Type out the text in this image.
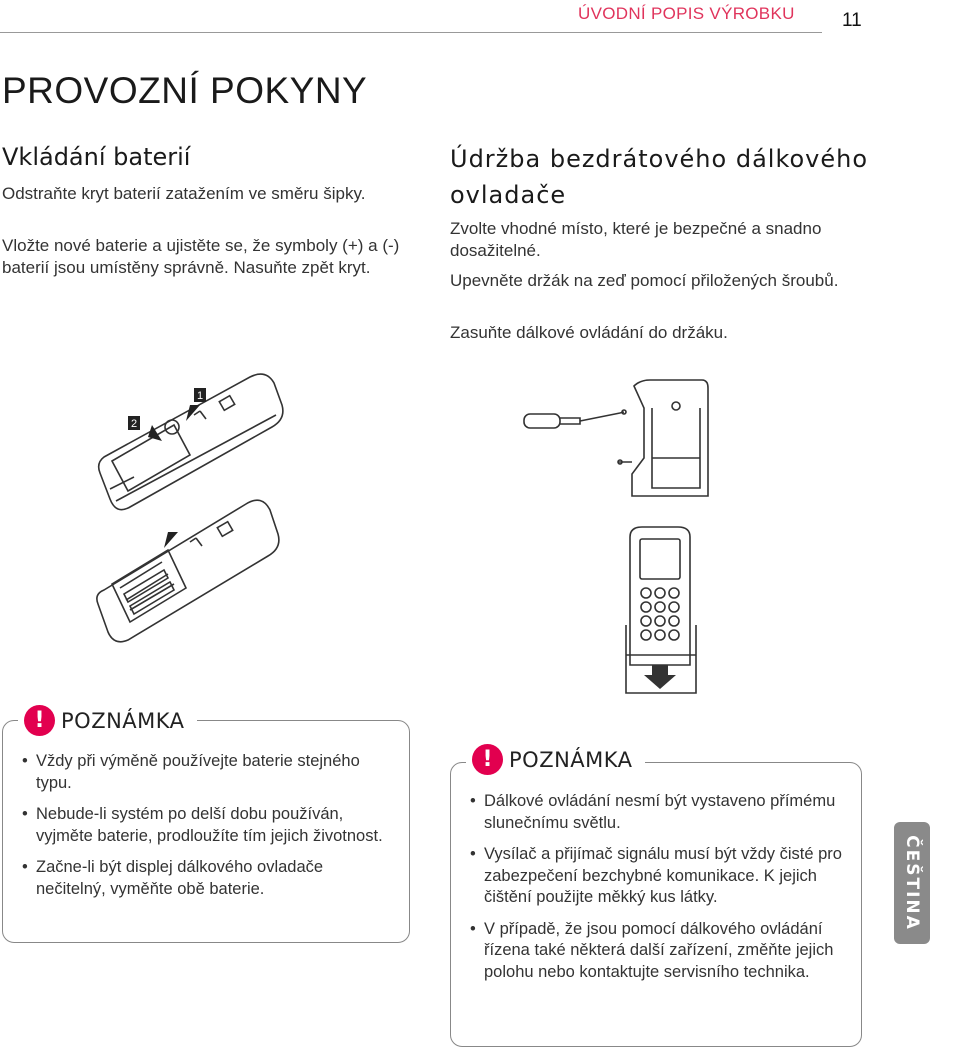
ÚVODNÍ POPIS VÝROBKU 11
PROVOZNÍ POKYNY
Vkládání baterií

Odstraňte kryt baterií zatažením ve směru šipky.

Vložte nové baterie a ujistěte se, že symboly (+) a (-) baterií jsou umístěny správně. Nasuňte zpět kryt.

Údržba bezdrátového dálkového ovladače

Zvolte vhodné místo, které je bezpečné a snadno dosažitelné.

Upevněte držák na zeď pomocí přiložených šroubů.

Zasuňte dálkové ovládání do držáku.

1
2
! POZNÁMKA
• Vždy při výměně používejte baterie stejného typu.
• Nebude-li systém po delší dobu používán, vyjměte baterie, prodloužíte tím jejich životnost.
• Začne-li být displej dálkového ovladače nečitelný, vyměňte obě baterie.
! POZNÁMKA
• Dálkové ovládání nesmí být vystaveno přímému slunečnímu světlu.
• Vysílač a přijímač signálu musí být vždy čisté pro zabezpečení bezchybné komunikace. K jejich čištění použijte měkký kus látky.
• V případě, že jsou pomocí dálkového ovládání řízena také některá další zařízení, změňte jejich polohu nebo kontaktujte servisního technika.
ČEŠTINA
